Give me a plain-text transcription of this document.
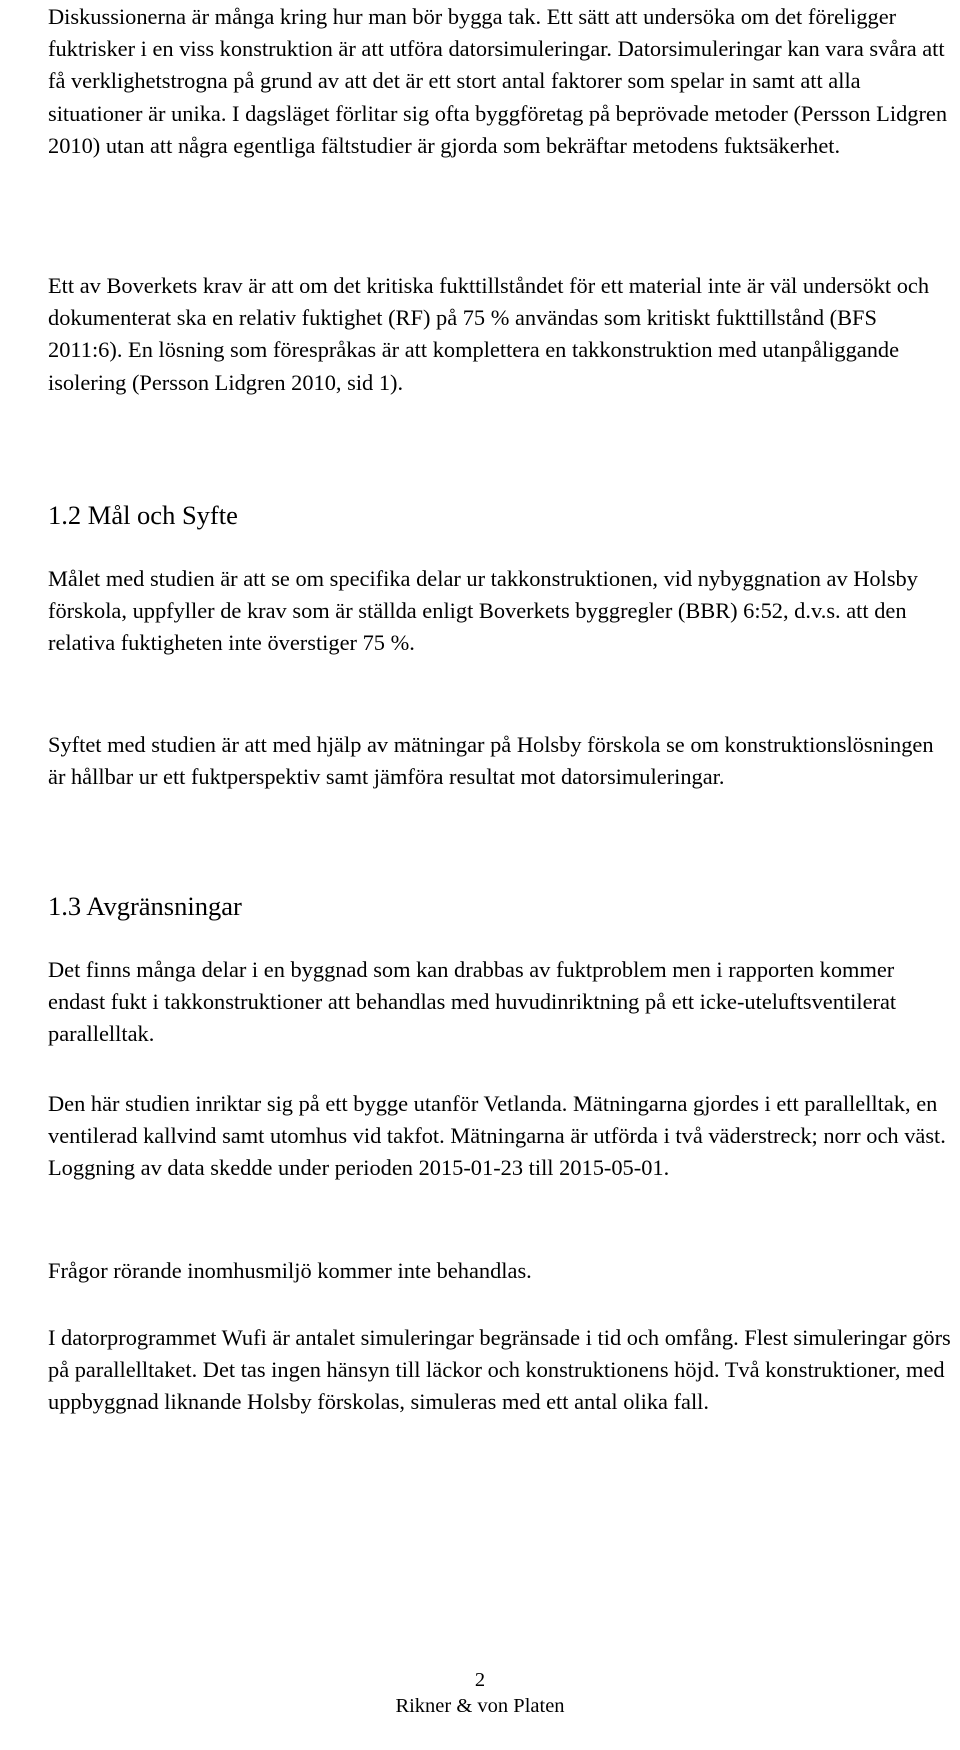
Diskussionerna är många kring hur man bör bygga tak. Ett sätt att undersöka om det föreligger fuktrisker i en viss konstruktion är att utföra datorsimuleringar. Datorsimuleringar kan vara svåra att få verklighetstrogna på grund av att det är ett stort antal faktorer som spelar in samt att alla situationer är unika. I dagsläget förlitar sig ofta byggföretag på beprövade metoder (Persson Lidgren 2010) utan att några egentliga fältstudier är gjorda som bekräftar metodens fuktsäkerhet.

Ett av Boverkets krav är att om det kritiska fukttillståndet för ett material inte är väl undersökt och dokumenterat ska en relativ fuktighet (RF) på 75 % användas som kritiskt fukttillstånd (BFS 2011:6). En lösning som förespråkas är att komplettera en takkonstruktion med utanpåliggande isolering (Persson Lidgren 2010, sid 1).

1.2 Mål och Syfte

Målet med studien är att se om specifika delar ur takkonstruktionen, vid nybyggnation av Holsby förskola, uppfyller de krav som är ställda enligt Boverkets byggregler (BBR) 6:52, d.v.s. att den relativa fuktigheten inte överstiger 75 %.

Syftet med studien är att med hjälp av mätningar på Holsby förskola se om konstruktionslösningen är hållbar ur ett fuktperspektiv samt jämföra resultat mot datorsimuleringar.

1.3 Avgränsningar

Det finns många delar i en byggnad som kan drabbas av fuktproblem men i rapporten kommer endast fukt i takkonstruktioner att behandlas med huvudinriktning på ett icke-uteluftsventilerat parallelltak.

Den här studien inriktar sig på ett bygge utanför Vetlanda. Mätningarna gjordes i ett parallelltak, en ventilerad kallvind samt utomhus vid takfot. Mätningarna är utförda i två väderstreck; norr och väst. Loggning av data skedde under perioden 2015-01-23 till 2015-05-01.

Frågor rörande inomhusmiljö kommer inte behandlas.

I datorprogrammet Wufi är antalet simuleringar begränsade i tid och omfång. Flest simuleringar görs på parallelltaket. Det tas ingen hänsyn till läckor och konstruktionens höjd. Två konstruktioner, med uppbyggnad liknande Holsby förskolas, simuleras med ett antal olika fall.

2
Rikner & von Platen
